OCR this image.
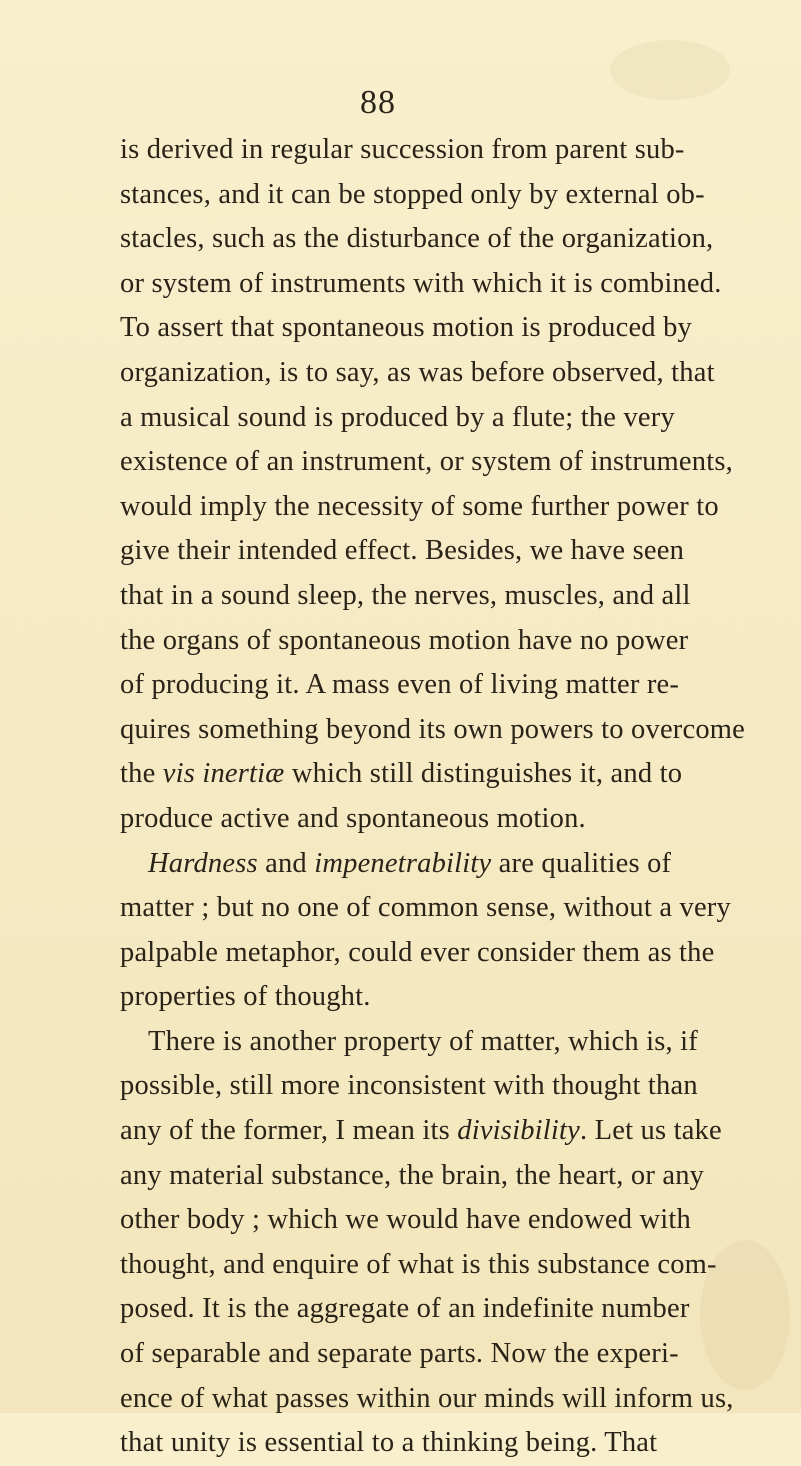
88
is derived in regular succession from parent sub-
stances, and it can be stopped only by external ob-
stacles, such as the disturbance of the organization,
or system of instruments with which it is combined.
To assert that spontaneous motion is produced by
organization, is to say, as was before observed, that
a musical sound is produced by a flute; the very
existence of an instrument, or system of instruments,
would imply the necessity of some further power to
give their intended effect. Besides, we have seen
that in a sound sleep, the nerves, muscles, and all
the organs of spontaneous motion have no power
of producing it. A mass even of living matter re-
quires something beyond its own powers to overcome
the vis inertiæ which still distinguishes it, and to
produce active and spontaneous motion.
Hardness and impenetrability are qualities of
matter ; but no one of common sense, without a very
palpable metaphor, could ever consider them as the
properties of thought.
There is another property of matter, which is, if
possible, still more inconsistent with thought than
any of the former, I mean its divisibility. Let us take
any material substance, the brain, the heart, or any
other body ; which we would have endowed with
thought, and enquire of what is this substance com-
posed. It is the aggregate of an indefinite number
of separable and separate parts. Now the experi-
ence of what passes within our minds will inform us,
that unity is essential to a thinking being. That
